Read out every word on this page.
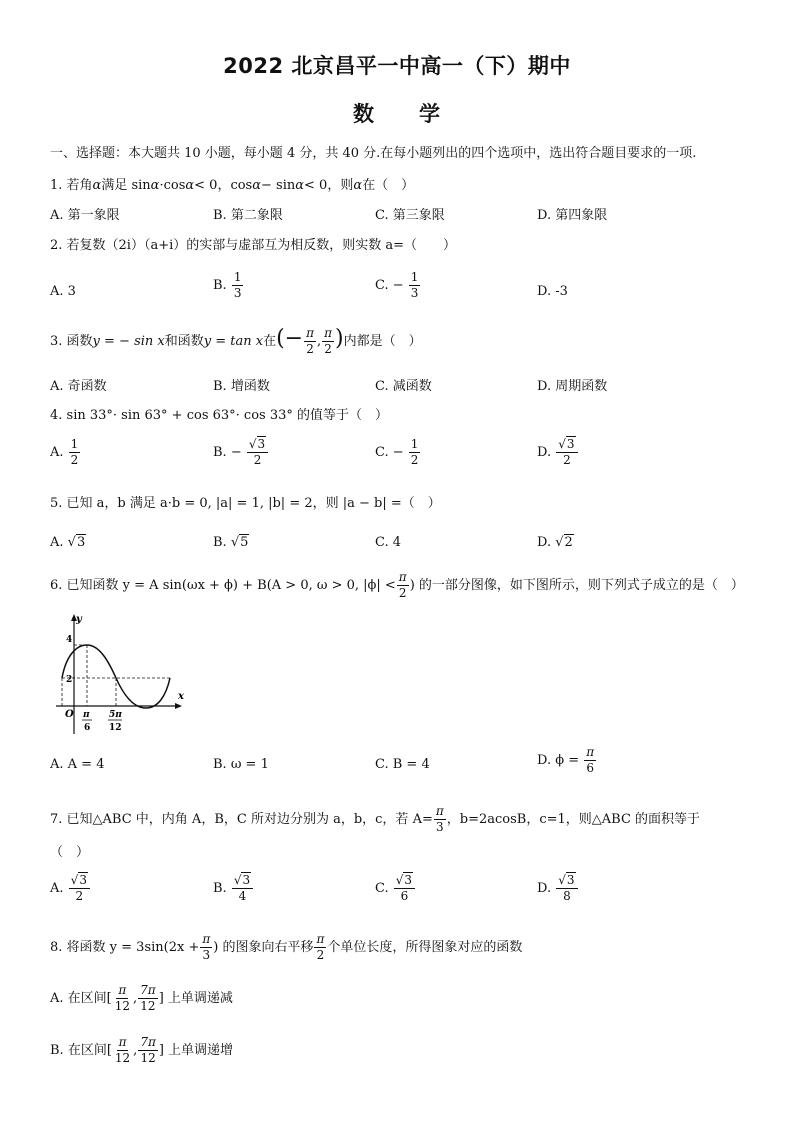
2022 北京昌平一中高一（下）期中
数　　学
一、选择题：本大题共 10 小题，每小题 4 分，共 40 分.在每小题列出的四个选项中，选出符合题目要求的一项.
1. 若角α满足 sinα·cosα< 0，cosα− sinα< 0，则α在（　）
A. 第一象限	B. 第二象限	C. 第三象限	D. 第四象限
2. 若复数（2i）（a+i）的实部与虚部互为相反数，则实数 a=（　　）
A. 3	B. $\frac{1}{3}$	C. − $\frac{1}{3}$	D. -3
3. 函数y = − sin x和函数y = tan x在(− $\frac{\pi}{2}$ , $\frac{\pi}{2}$ )内都是（　）
A. 奇函数	B. 增函数	C. 减函数	D. 周期函数
4. sin 33°· sin 63° + cos 63°· cos 33° 的值等于（　）
A. $\frac{1}{2}$	B. − $\frac{√3}{2}$	C. − $\frac{1}{2}$	D. $\frac{√3}{2}$
5. 已知 a，b 满足 a·b = 0, |a| = 1, |b| = 2，则 |a − b| =（　）
A. √3	B. √5	C. 4	D. √2
6. 已知函数 y = A sin(ωx + ϕ) + B(A > 0, ω > 0, $|\phi| < \frac{\pi}{2}$ ) 的一部分图像，如下图所示，则下列式子成立的是（　）
y
x
O
4
2
π
6
5π
12
A. A = 4	B. ω = 1	C. B = 4	D. $\phi = \frac{\pi}{6}$
7. 已知△ABC 中，内角 A，B，C 所对边分别为 a，b，c，若 $A= \frac{\pi}{3}$ ，b=2acosB，c=1，则△ABC 的面积等于
（　）
A. $\frac{√3}{2}$	B. $\frac{√3}{4}$	C. $\frac{√3}{6}$	D. $\frac{√3}{8}$
8. 将函数 $y = 3\sin(2x + \frac{\pi}{3}$ ) 的图象向右平移 $\frac{\pi}{2}$ 个单位长度，所得图象对应的函数
A. 在区间[ $\frac{\pi}{12}$ , $\frac{7\pi}{12}$ ] 上单调递减
B. 在区间[ $\frac{\pi}{12}$ , $\frac{7\pi}{12}$ ] 上单调递增
